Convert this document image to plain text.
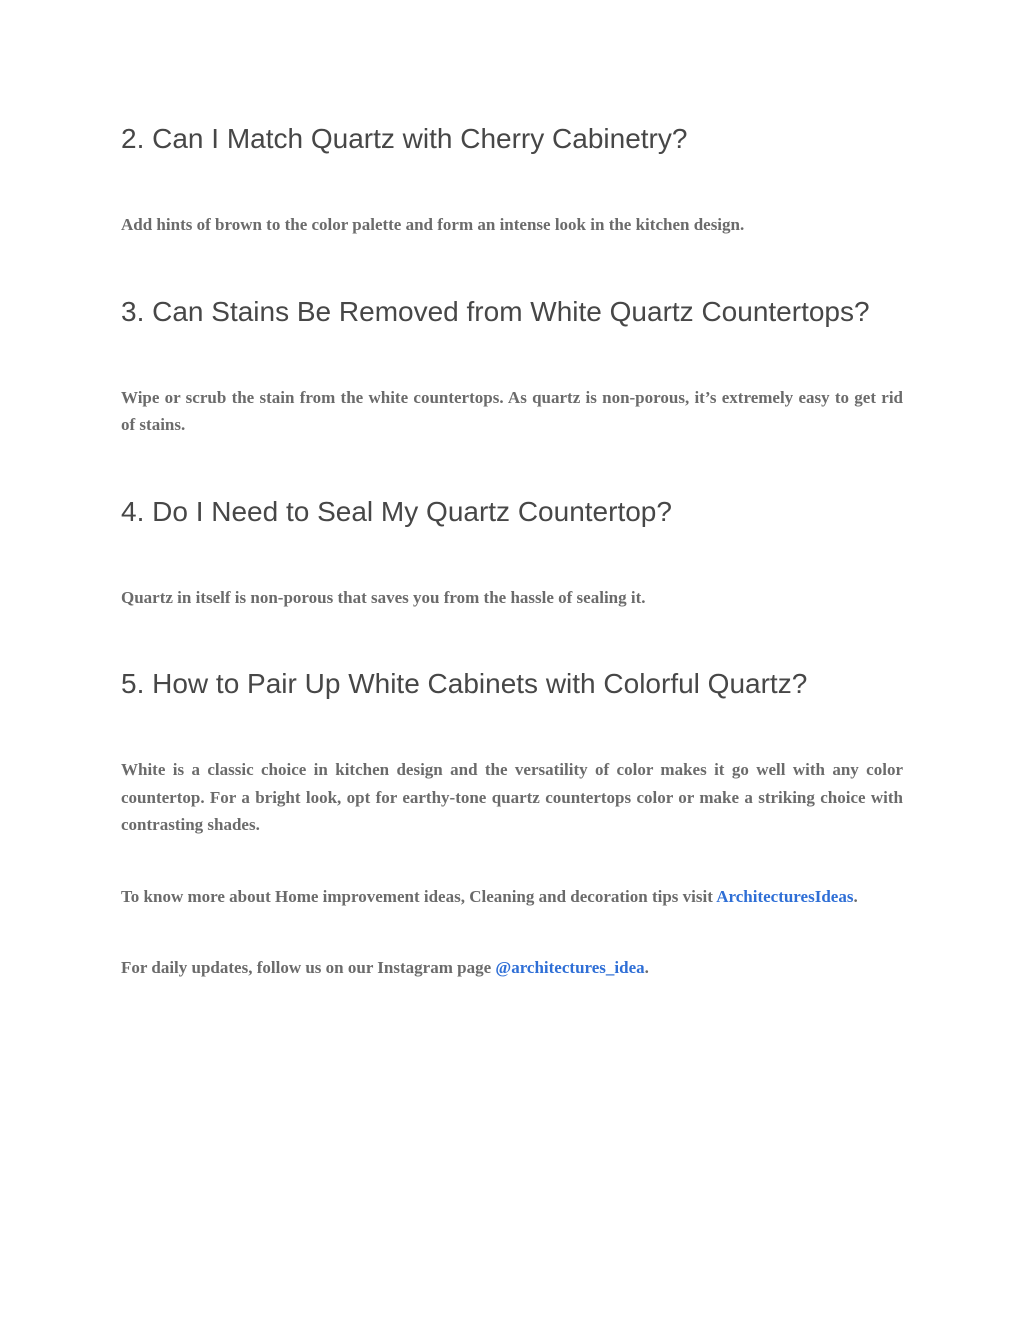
2. Can I Match Quartz with Cherry Cabinetry?

Add hints of brown to the color palette and form an intense look in the kitchen design.

3. Can Stains Be Removed from White Quartz Countertops?

Wipe or scrub the stain from the white countertops. As quartz is non-porous, it’s extremely easy to get rid of stains.

4. Do I Need to Seal My Quartz Countertop?

Quartz in itself is non-porous that saves you from the hassle of sealing it.

5. How to Pair Up White Cabinets with Colorful Quartz?

White is a classic choice in kitchen design and the versatility of color makes it go well with any color countertop. For a bright look, opt for earthy-tone quartz countertops color or make a striking choice with contrasting shades.

To know more about Home improvement ideas, Cleaning and decoration tips visit ArchitecturesIdeas.

For daily updates, follow us on our Instagram page @architectures_idea.
